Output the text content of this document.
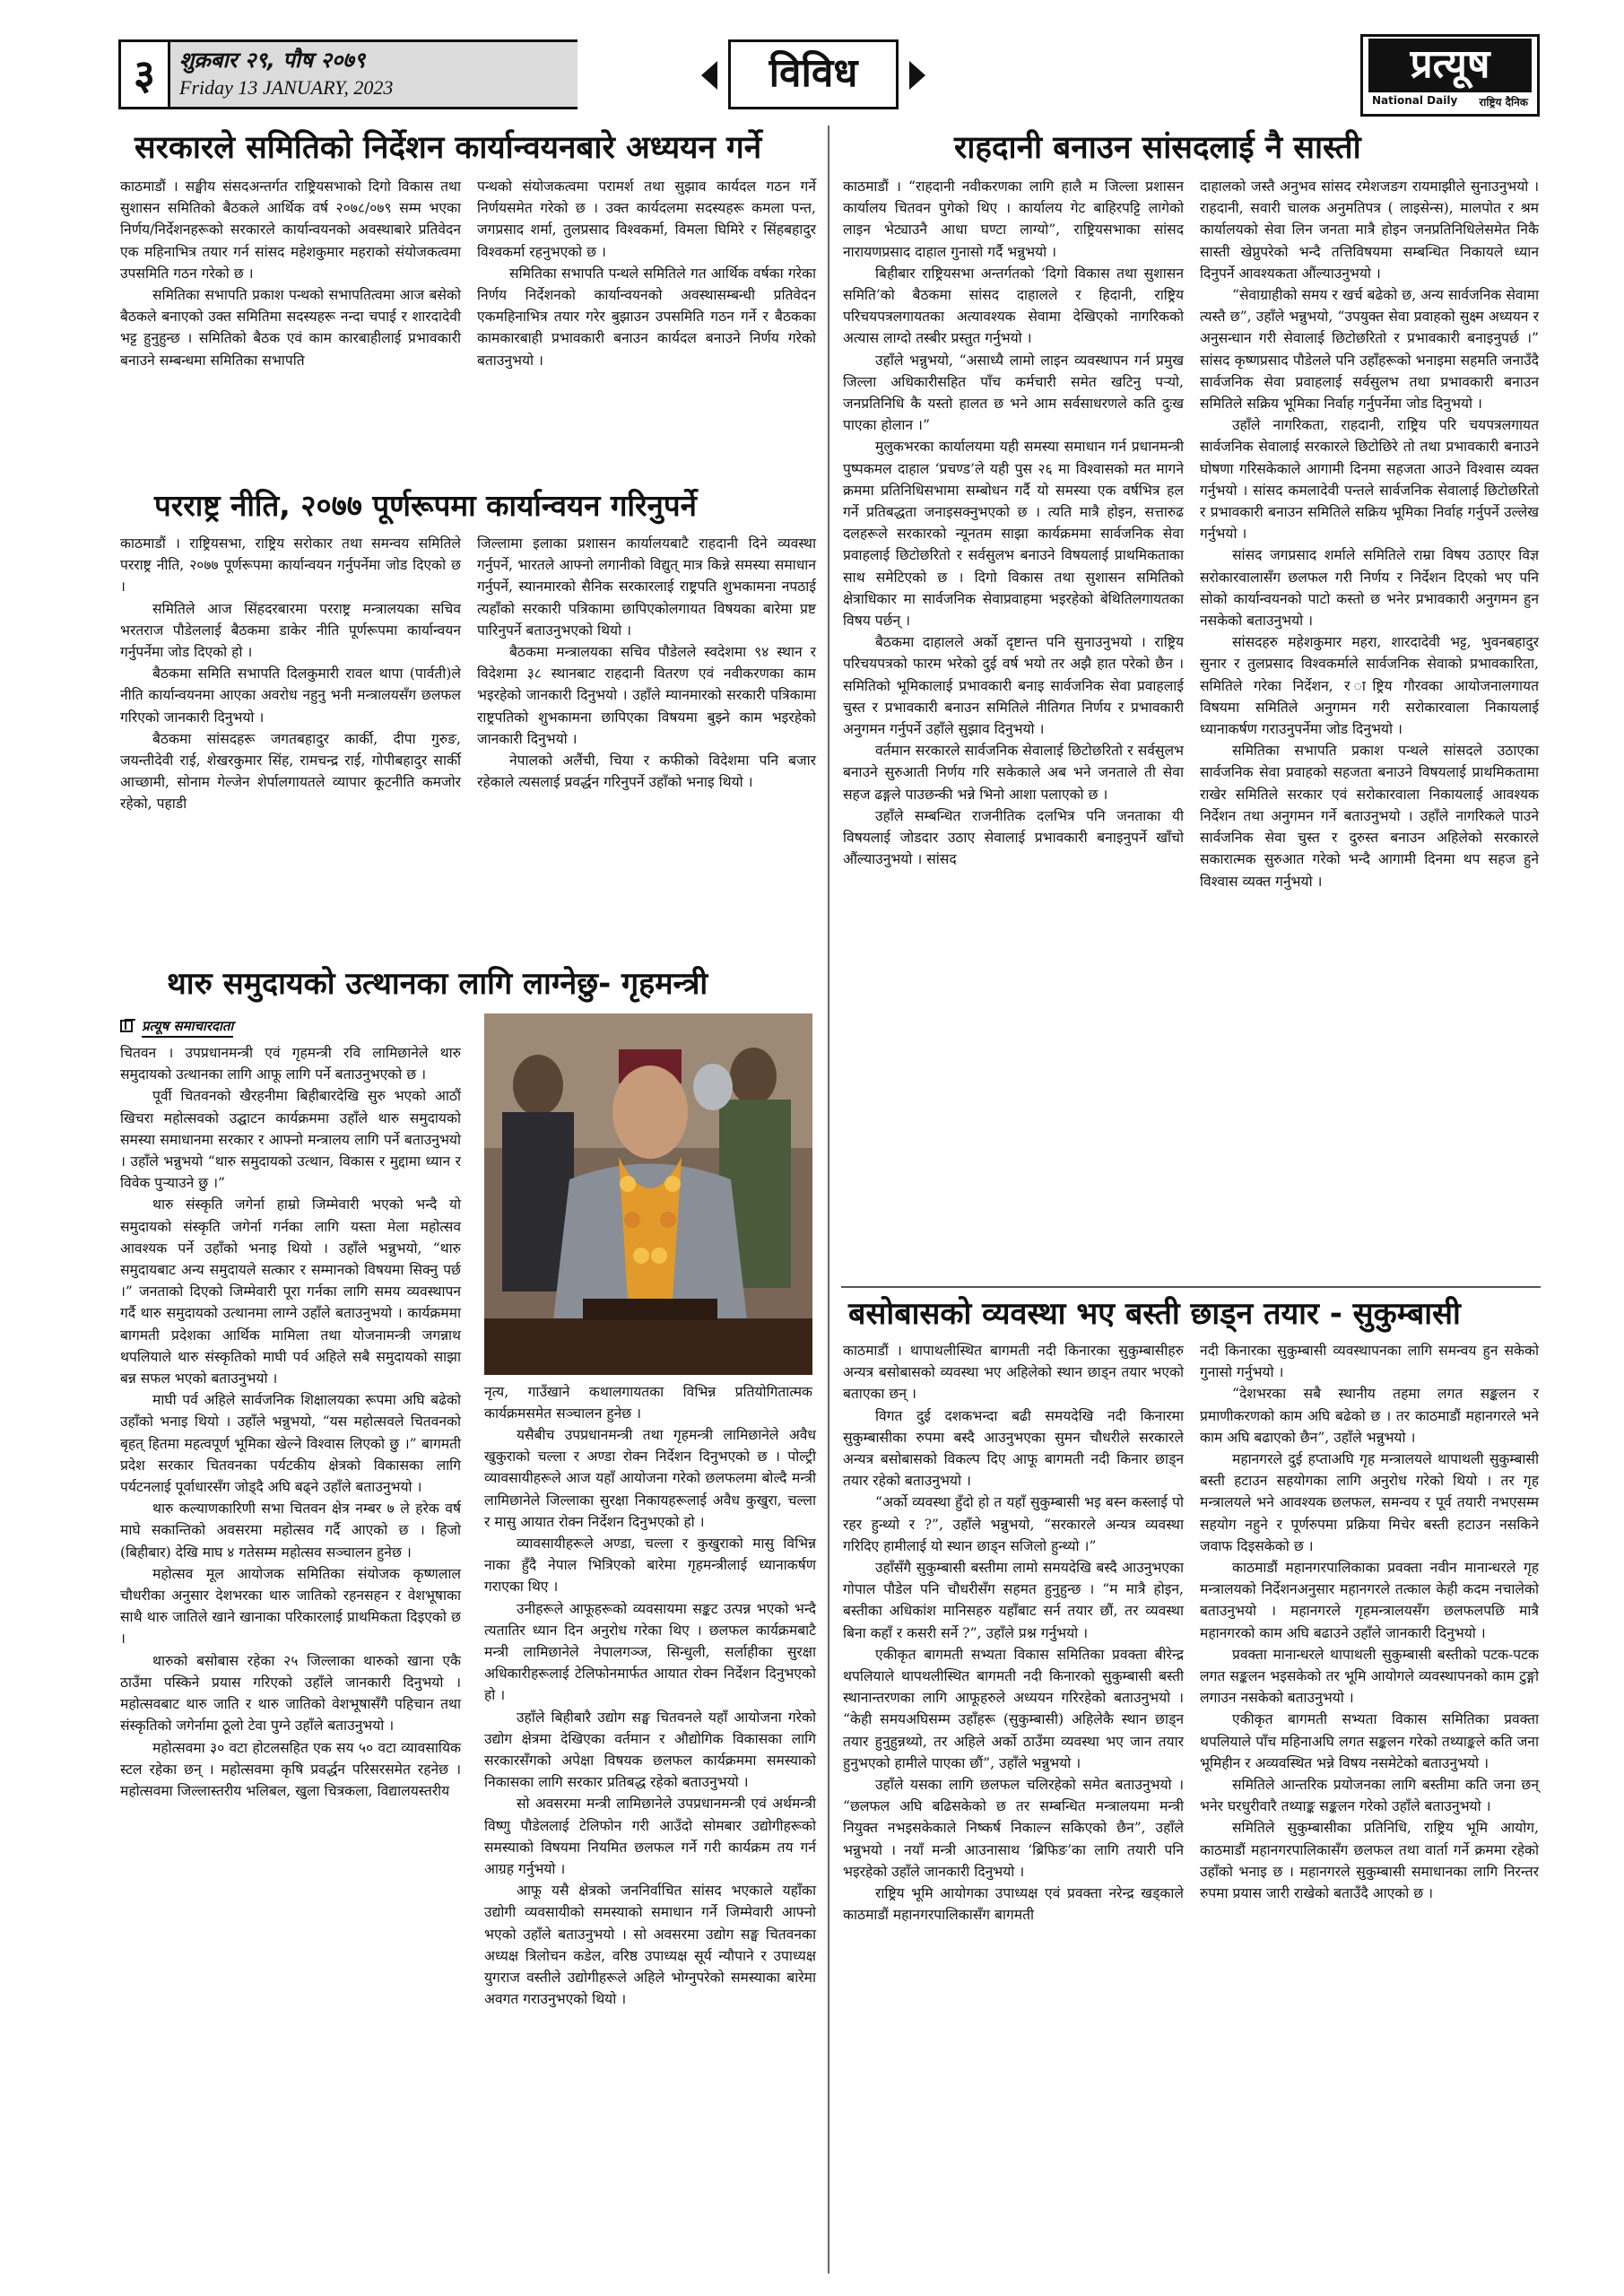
३	शुक्रबार २९, पौष २०७९
Friday 13 JANUARY, 2023	विविध	प्रत्यूष
National Daily	राष्ट्रिय दैनिक
सरकारले समितिको निर्देशन कार्यान्वयनबारे अध्ययन गर्ने

काठमाडौं । सङ्घीय संसदअन्तर्गत राष्ट्रियसभाको दिगो विकास तथा सुशासन समितिको बैठकले आर्थिक वर्ष २०७८/०७९ सम्म भएका निर्णय/निर्देशनहरूको सरकारले कार्यान्वयनको अवस्थाबारे प्रतिवेदन एक महिनाभित्र तयार गर्न सांसद महेशकुमार महराको संयोजकत्वमा उपसमिति गठन गरेको छ ।

समितिका सभापति प्रकाश पन्थको सभापतित्वमा आज बसेको बैठकले बनाएको उक्त समितिमा सदस्यहरू नन्दा चपाई र शारदादेवी भट्ट हुनुहुन्छ । समितिको बैठक एवं काम कारबाहीलाई प्रभावकारी बनाउने सम्बन्धमा समितिका सभापति

पन्थको संयोजकत्वमा परामर्श तथा सुझाव कार्यदल गठन गर्ने निर्णयसमेत गरेको छ । उक्त कार्यदलमा सदस्यहरू कमला पन्त, जगप्रसाद शर्मा, तुलप्रसाद विश्वकर्मा, विमला घिमिरे र सिंहबहादुर विश्वकर्मा रहनुभएको छ ।

समितिका सभापति पन्थले समितिले गत आर्थिक वर्षका गरेका निर्णय निर्देशनको कार्यान्वयनको अवस्थासम्बन्धी प्रतिवेदन एकमहिनाभित्र तयार गरेर बुझाउन उपसमिति गठन गर्ने र बैठकका कामकारबाही प्रभावकारी बनाउन कार्यदल बनाउने निर्णय गरेको बताउनुभयो ।

परराष्ट्र नीति, २०७७ पूर्णरूपमा कार्यान्वयन गरिनुपर्ने

काठमाडौं । राष्ट्रियसभा, राष्ट्रिय सरोकार तथा समन्वय समितिले परराष्ट्र नीति, २०७७ पूर्णरूपमा कार्यान्वयन गर्नुपर्नेमा जोड दिएको छ ।

समितिले आज सिंहदरबारमा परराष्ट्र मन्त्रालयका सचिव भरतराज पौडेललाई बैठकमा डाकेर नीति पूर्णरूपमा कार्यान्वयन गर्नुपर्नेमा जोड दिएको हो ।

बैठकमा समिति सभापति दिलकुमारी रावल थापा (पार्वती)ले नीति कार्यान्वयनमा आएका अवरोध नहुनु भनी मन्त्रालयसँग छलफल गरिएको जानकारी दिनुभयो ।

बैठकमा सांसदहरू जगतबहादुर कार्की, दीपा गुरुङ, जयन्तीदेवी राई, शेखरकुमार सिंह, रामचन्द्र राई, गोपीबहादुर सार्की आच्छामी, सोनाम गेल्जेन शेर्पालगायतले व्यापार कूटनीति कमजोर रहेको, पहाडी

जिल्लामा इलाका प्रशासन कार्यालयबाटै राहदानी दिने व्यवस्था गर्नुपर्ने, भारतले आफ्नो लगानीको विद्युत् मात्र किन्ने समस्या समाधान गर्नुपर्ने, स्यानमारको सैनिक सरकारलाई राष्ट्रपति शुभकामना नपठाई त्यहाँको सरकारी पत्रिकामा छापिएकोलगायत विषयका बारेमा प्रष्ट पारिनुपर्ने बताउनुभएको थियो ।

बैठकमा मन्त्रालयका सचिव पौडेलले स्वदेशमा ९४ स्थान र विदेशमा ३८ स्थानबाट राहदानी वितरण एवं नवीकरणका काम भइरहेको जानकारी दिनुभयो । उहाँले म्यानमारको सरकारी पत्रिकामा राष्ट्रपतिको शुभकामना छापिएका विषयमा बुझ्ने काम भइरहेको जानकारी दिनुभयो ।

नेपालको अलैंची, चिया र कफीको विदेशमा पनि बजार रहेकाले त्यसलाई प्रवर्द्धन गरिनुपर्ने उहाँको भनाइ थियो ।

थारु समुदायको उत्थानका लागि लाग्नेछु- गृहमन्त्री
प्रत्यूष समाचारदाता

चितवन । उपप्रधानमन्त्री एवं गृहमन्त्री रवि लामिछानेले थारु समुदायको उत्थानका लागि आफू लागि पर्ने बताउनुभएको छ ।

पूर्वी चितवनको खैरहनीमा बिहीबारदेखि सुरु भएको आठौं खिचरा महोत्सवको उद्घाटन कार्यक्रममा उहाँले थारु समुदायको समस्या समाधानमा सरकार र आफ्नो मन्त्रालय लागि पर्ने बताउनुभयो । उहाँले भन्नुभयो “थारु समुदायको उत्थान, विकास र मुद्दामा ध्यान र विवेक पुऱ्याउने छु ।”

थारु संस्कृति जगेर्ना हाम्रो जिम्मेवारी भएको भन्दै यो समुदायको संस्कृति जगेर्ना गर्नका लागि यस्ता मेला महोत्सव आवश्यक पर्ने उहाँको भनाइ थियो । उहाँले भन्नुभयो, “थारु समुदायबाट अन्य समुदायले सत्कार र सम्मानको विषयमा सिक्नु पर्छ ।” जनताको दिएको जिम्मेवारी पूरा गर्नका लागि समय व्यवस्थापन गर्दै थारु समुदायको उत्थानमा लाग्ने उहाँले बताउनुभयो । कार्यक्रममा बागमती प्रदेशका आर्थिक मामिला तथा योजनामन्त्री जगन्नाथ थपलियाले थारु संस्कृतिको माघी पर्व अहिले सबै समुदायको साझा बन्न सफल भएको बताउनुभयो ।

माघी पर्व अहिले सार्वजनिक शिक्षालयका रूपमा अघि बढेको उहाँको भनाइ थियो । उहाँले भन्नुभयो, “यस महोत्सवले चितवनको बृहत् हितमा महत्वपूर्ण भूमिका खेल्ने विश्वास लिएको छु ।” बागमती प्रदेश सरकार चितवनका पर्यटकीय क्षेत्रको विकासका लागि पर्यटनलाई पूर्वाधारसँग जोड्दै अघि बढ्ने उहाँले बताउनुभयो ।

थारु कल्याणकारिणी सभा चितवन क्षेत्र नम्बर ७ ले हरेक वर्ष माघे सकान्तिको अवसरमा महोत्सव गर्दै आएको छ । हिजो (बिहीबार) देखि माघ ४ गतेसम्म महोत्सव सञ्चालन हुनेछ ।

महोत्सव मूल आयोजक समितिका संयोजक कृष्णलाल चौधरीका अनुसार देशभरका थारु जातिको रहनसहन र वेशभूषाका साथै थारु जातिले खाने खानाका परिकारलाई प्राथमिकता दिइएको छ ।

थारुको बसोबास रहेका २५ जिल्लाका थारुको खाना एकै ठाउँमा पस्किने प्रयास गरिएको उहाँले जानकारी दिनुभयो । महोत्सवबाट थारु जाति र थारु जातिको वेशभूषासँगै पहिचान तथा संस्कृतिको जगेर्नामा ठूलो टेवा पुग्ने उहाँले बताउनुभयो ।

महोत्सवमा ३० वटा होटलसहित एक सय ५० वटा व्यावसायिक स्टल रहेका छन् । महोत्सवमा कृषि प्रवर्द्धन परिसरसमेत रहनेछ । महोत्सवमा जिल्लास्तरीय भलिबल, खुला चित्रकला, विद्यालयस्तरीय

नृत्य, गाउँखाने कथालगायतका विभिन्न प्रतियोगितात्मक कार्यक्रमसमेत सञ्चालन हुनेछ ।

यसैबीच उपप्रधानमन्त्री तथा गृहमन्त्री लामिछानेले अवैध खुकुराको चल्ला र अण्डा रोक्न निर्देशन दिनुभएको छ । पोल्ट्री व्यावसायीहरूले आज यहाँ आयोजना गरेको छलफलमा बोल्दै मन्त्री लामिछानेले जिल्लाका सुरक्षा निकायहरूलाई अवैध कुखुरा, चल्ला र मासु आयात रोक्न निर्देशन दिनुभएको हो ।

व्यावसायीहरूले अण्डा, चल्ला र कुखुराको मासु विभिन्न नाका हुँदै नेपाल भित्रिएको बारेमा गृहमन्त्रीलाई ध्यानाकर्षण गराएका थिए ।

उनीहरूले आफूहरूको व्यवसायमा सङ्कट उत्पन्न भएको भन्दै त्यतातिर ध्यान दिन अनुरोध गरेका थिए । छलफल कार्यक्रमबाटै मन्त्री लामिछानेले नेपालगञ्ज, सिन्धुली, सर्लाहीका सुरक्षा अधिकारीहरूलाई टेलिफोनमार्फत आयात रोक्न निर्देशन दिनुभएको हो ।

उहाँले बिहीबारै उद्योग सङ्घ चितवनले यहाँ आयोजना गरेको उद्योग क्षेत्रमा देखिएका वर्तमान र औद्योगिक विकासका लागि सरकारसँगको अपेक्षा विषयक छलफल कार्यक्रममा समस्याको निकासका लागि सरकार प्रतिबद्ध रहेको बताउनुभयो ।

सो अवसरमा मन्त्री लामिछानेले उपप्रधानमन्त्री एवं अर्थमन्त्री विष्णु पौडेललाई टेलिफोन गरी आउँदो सोमबार उद्योगीहरूको समस्याको विषयमा नियमित छलफल गर्ने गरी कार्यक्रम तय गर्न आग्रह गर्नुभयो ।

आफू यसै क्षेत्रको जननिर्वाचित सांसद भएकाले यहाँका उद्योगी व्यवसायीको समस्याको समाधान गर्ने जिम्मेवारी आफ्नो भएको उहाँले बताउनुभयो । सो अवसरमा उद्योग सङ्घ चितवनका अध्यक्ष त्रिलोचन कडेल, वरिष्ठ उपाध्यक्ष सूर्य न्यौपाने र उपाध्यक्ष युगराज वस्तीले उद्योगीहरूले अहिले भोग्नुपरेको समस्याका बारेमा अवगत गराउनुभएको थियो ।

राहदानी बनाउन सांसदलाई नै सास्ती

काठमाडौं । “राहदानी नवीकरणका लागि हालै म जिल्ला प्रशासन कार्यालय चितवन पुगेको थिए । कार्यालय गेट बाहिरपट्टि लागेको लाइन भेट्याउनै आधा घण्टा लाग्यो”, राष्ट्रियसभाका सांसद नारायणप्रसाद दाहाल गुनासो गर्दै भन्नुभयो ।

बिहीबार राष्ट्रियसभा अन्तर्गतको ‘दिगो विकास तथा सुशासन समिति’को बैठकमा सांसद दाहालले र हिदानी, राष्ट्रिय परिचयपत्रलगायतका अत्यावश्यक सेवामा देखिएको नागरिकको अत्यास लाग्दो तस्बीर प्रस्तुत गर्नुभयो ।

उहाँले भन्नुभयो, “असाध्यै लामो लाइन व्यवस्थापन गर्न प्रमुख जिल्ला अधिकारीसहित पाँच कर्मचारी समेत खटिनु पऱ्यो, जनप्रतिनिधि कै यस्तो हालत छ भने आम सर्वसाधरणले कति दुःख पाएका होलान ।”

मुलुकभरका कार्यालयमा यही समस्या समाधान गर्न प्रधानमन्त्री पुष्पकमल दाहाल ‘प्रचण्ड’ले यही पुस २६ मा विश्वासको मत मागने क्रममा प्रतिनिधिसभामा सम्बोधन गर्दै यो समस्या एक वर्षभित्र हल गर्ने प्रतिबद्धता जनाइसक्नुभएको छ । त्यति मात्रै होइन, सत्तारुढ दलहरूले सरकारको न्यूनतम साझा कार्यक्रममा सार्वजनिक सेवा प्रवाहलाई छिटोछरितो र सर्वसुलभ बनाउने विषयलाई प्राथमिकताका साथ समेटिएको छ । दिगो विकास तथा सुशासन समितिको क्षेत्राधिकार मा सार्वजनिक सेवाप्रवाहमा भइरहेको बेथितिलगायतका विषय पर्छन् ।

बैठकमा दाहालले अर्को दृष्टान्त पनि सुनाउनुभयो । राष्ट्रिय परिचयपत्रको फारम भरेको दुई वर्ष भयो तर अझै हात परेको छैन । समितिको भूमिकालाई प्रभावकारी बनाइ सार्वजनिक सेवा प्रवाहलाई चुस्त र प्रभावकारी बनाउन समितिले नीतिगत निर्णय र प्रभावकारी अनुगमन गर्नुपर्ने उहाँले सुझाव दिनुभयो ।

वर्तमान सरकारले सार्वजनिक सेवालाई छिटोछरितो र सर्वसुलभ बनाउने सुरुआती निर्णय गरि सकेकाले अब भने जनताले ती सेवा सहज ढङ्गले पाउछन्की भन्ने भिनो आशा पलाएको छ ।

उहाँले सम्बन्धित राजनीतिक दलभित्र पनि जनताका यी विषयलाई जोडदार उठाए सेवालाई प्रभावकारी बनाइनुपर्ने खाँचो औंल्याउनुभयो । सांसद

दाहालको जस्तै अनुभव सांसद रमेशजङग रायमाझीले सुनाउनुभयो । राहदानी, सवारी चालक अनुमतिपत्र ( लाइसेन्स), मालपोत र श्रम कार्यालयको सेवा लिन जनता मात्रै होइन जनप्रतिनिधिलेसमेत निकै सास्ती खेप्नुपरेको भन्दै तत्तिविषयमा सम्बन्धित निकायले ध्यान दिनुपर्ने आवश्यकता औंल्याउनुभयो ।

“सेवाग्राहीको समय र खर्च बढेको छ, अन्य सार्वजनिक सेवामा त्यस्तै छ”, उहाँले भन्नुभयो, “उपयुक्त सेवा प्रवाहको सुक्ष्म अध्ययन र अनुसन्धान गरी सेवालाई छिटोछरितो र प्रभावकारी बनाइनुपर्छ ।” सांसद कृष्णप्रसाद पौडेलले पनि उहाँहरूको भनाइमा सहमति जनाउँदै सार्वजनिक सेवा प्रवाहलाई सर्वसुलभ तथा प्रभावकारी बनाउन समितिले सक्रिय भूमिका निर्वाह गर्नुपर्नेमा जोड दिनुभयो ।

उहाँले नागरिकता, राहदानी, राष्ट्रिय परि चयपत्रलगायत सार्वजनिक सेवालाई सरकारले छिटोछिरे तो तथा प्रभावकारी बनाउने घोषणा गरिसकेकाले आगामी दिनमा सहजता आउने विश्वास व्यक्त गर्नुभयो । सांसद कमलादेवी पन्तले सार्वजनिक सेवालाई छिटोछरितो र प्रभावकारी बनाउन समितिले सक्रिय भूमिका निर्वाह गर्नुपर्ने उल्लेख गर्नुभयो ।

सांसद जगप्रसाद शर्माले समितिले राम्रा विषय उठाएर विज्ञ सरोकारवालासँग छलफल गरी निर्णय र निर्देशन दिएको भए पनि सोको कार्यान्वयनको पाटो कस्तो छ भनेर प्रभावकारी अनुगमन हुन नसकेको बताउनुभयो ।

सांसदहरु महेशकुमार महरा, शारदादेवी भट्ट, भुवनबहादुर सुनार र तुलप्रसाद विश्वकर्माले सार्वजनिक सेवाको प्रभावकारिता, समितिले गरेका निर्देशन, र ाष्ट्रिय गौरवका आयोजनालगायत विषयमा समितिले अनुगमन गरी सरोकारवाला निकायलाई ध्यानाकर्षण गराउनुपर्नेमा जोड दिनुभयो ।

समितिका सभापति प्रकाश पन्थले सांसदले उठाएका सार्वजनिक सेवा प्रवाहको सहजता बनाउने विषयलाई प्राथमिकतामा राखेर समितिले सरकार एवं सरोकारवाला निकायलाई आवश्यक निर्देशन तथा अनुगमन गर्ने बताउनुभयो । उहाँले नागरिकले पाउने सार्वजनिक सेवा चुस्त र दुरुस्त बनाउन अहिलेको सरकारले सकारात्मक सुरुआत गरेको भन्दै आगामी दिनमा थप सहज हुने विश्वास व्यक्त गर्नुभयो ।

बसोबासको व्यवस्था भए बस्ती छाड्न तयार - सुकुम्बासी

काठमाडौं । थापाथलीस्थित बागमती नदी किनारका सुकुम्बासीहरु अन्यत्र बसोबासको व्यवस्था भए अहिलेको स्थान छाड्न तयार भएको बताएका छन् ।

विगत दुई दशकभन्दा बढी समयदेखि नदी किनारमा सुकुम्बासीका रुपमा बस्दै आउनुभएका सुमन चौधरीले सरकारले अन्यत्र बसोबासको विकल्प दिए आफू बागमती नदी किनार छाड्न तयार रहेको बताउनुभयो ।

“अर्को व्यवस्था हुँदो हो त यहाँ सुकुम्बासी भइ बस्न कस्लाई पो रहर हुन्थ्यो र ?”, उहाँले भन्नुभयो, “सरकारले अन्यत्र व्यवस्था गरिदिए हामीलाई यो स्थान छाड्न सजिलो हुन्थ्यो ।”

उहाँसँगै सुकुम्बासी बस्तीमा लामो समयदेखि बस्दै आउनुभएका गोपाल पौडेल पनि चौधरीसँग सहमत हुनुहुन्छ । “म मात्रै होइन, बस्तीका अधिकांश मानिसहरु यहाँबाट सर्न तयार छौं, तर व्यवस्था बिना कहाँ र कसरी सर्ने ?”, उहाँले प्रश्न गर्नुभयो ।

एकीकृत बागमती सभ्यता विकास समितिका प्रवक्ता बीरेन्द्र थपलियाले थापथलीस्थित बागमती नदी किनारको सुकुम्बासी बस्ती स्थानान्तरणका लागि आफूहरुले अध्ययन गरिरहेको बताउनुभयो । “केही समयअघिसम्म उहाँहरू (सुकुम्बासी) अहिलेकै स्थान छाड्न तयार हुनुहुन्नथ्यो, तर अहिले अर्को ठाउँमा व्यवस्था भए जान तयार हुनुभएको हामीले पाएका छौं”, उहाँले भन्नुभयो ।

उहाँले यसका लागि छलफल चलिरहेको समेत बताउनुभयो । “छलफल अघि बढिसकेको छ तर सम्बन्धित मन्त्रालयमा मन्त्री नियुक्त नभइसकेकाले निष्कर्ष निकाल्न सकिएको छैन”, उहाँले भन्नुभयो । नयाँ मन्त्री आउनासाथ ‘ब्रिफिङ’का लागि तयारी पनि भइरहेको उहाँले जानकारी दिनुभयो ।

राष्ट्रिय भूमि आयोगका उपाध्यक्ष एवं प्रवक्ता नरेन्द्र खड्काले काठमाडौं महानगरपालिकासँग बागमती

नदी किनारका सुकुम्बासी व्यवस्थापनका लागि समन्वय हुन सकेको गुनासो गर्नुभयो ।

“देशभरका सबै स्थानीय तहमा लगत सङ्कलन र प्रमाणीकरणको काम अघि बढेको छ । तर काठमाडौं महानगरले भने काम अघि बढाएको छैन”, उहाँले भन्नुभयो ।

महानगरले दुई हप्ताअघि गृह मन्त्रालयले थापाथली सुकुम्बासी बस्ती हटाउन सहयोगका लागि अनुरोध गरेको थियो । तर गृह मन्त्रालयले भने आवश्यक छलफल, समन्वय र पूर्व तयारी नभएसम्म सहयोग नहुने र पूर्णरुपमा प्रक्रिया मिचेर बस्ती हटाउन नसकिने जवाफ दिइसकेको छ ।

काठमाडौं महानगरपालिकाका प्रवक्ता नवीन मानान्धरले गृह मन्त्रालयको निर्देशनअनुसार महानगरले तत्काल केही कदम नचालेको बताउनुभयो । महानगरले गृहमन्त्रालयसँग छलफलपछि मात्रै महानगरको काम अघि बढाउने उहाँले जानकारी दिनुभयो ।

प्रवक्ता मानान्धरले थापाथली सुकुम्बासी बस्तीको पटक-पटक लगत सङ्कलन भइसकेको तर भूमि आयोगले व्यवस्थापनको काम टुङ्गो लगाउन नसकेको बताउनुभयो ।

एकीकृत बागमती सभ्यता विकास समितिका प्रवक्ता थपलियाले पाँच महिनाअघि लगत सङ्कलन गरेको तथ्याङ्कले कति जना भूमिहीन र अव्यवस्थित भन्ने विषय नसमेटेको बताउनुभयो ।

समितिले आन्तरिक प्रयोजनका लागि बस्तीमा कति जना छन् भनेर घरधुरीवारै तथ्याङ्क सङ्कलन गरेको उहाँले बताउनुभयो ।

समितिले सुकुम्बासीका प्रतिनिधि, राष्ट्रिय भूमि आयोग, काठमाडौं महानगरपालिकासँग छलफल तथा वार्ता गर्ने क्रममा रहेको उहाँको भनाइ छ । महानगरले सुकुम्बासी समाधानका लागि निरन्तर रुपमा प्रयास जारी राखेको बताउँदै आएको छ ।
